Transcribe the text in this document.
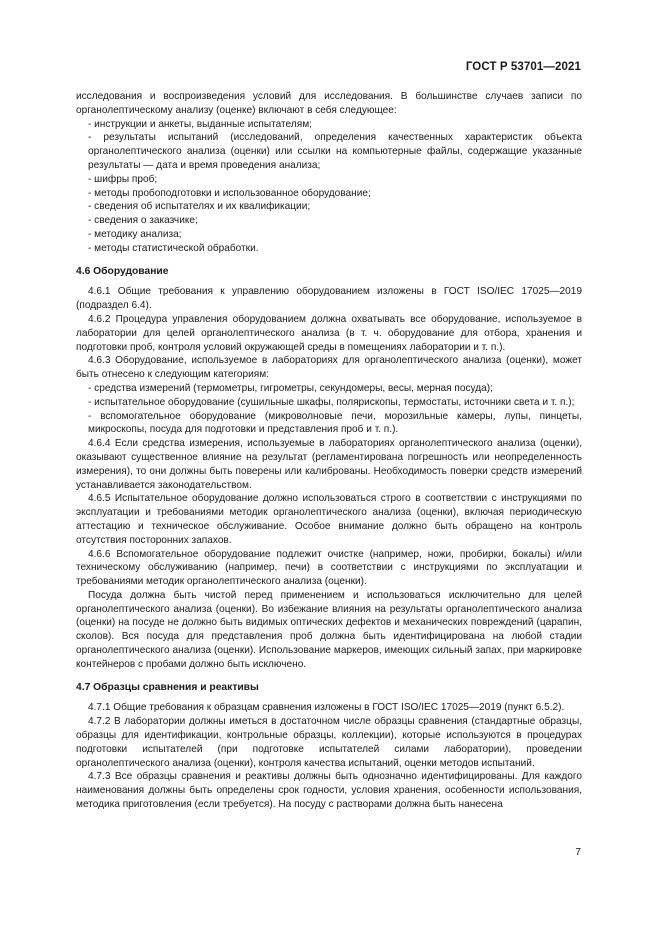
ГОСТ Р 53701—2021

исследования и воспроизведения условий для исследования. В большинстве случаев записи по органолептическому анализу (оценке) включают в себя следующее:

- инструкции и анкеты, выданные испытателям;

- результаты испытаний (исследований, определения качественных характеристик объекта органолептического анализа (оценки) или ссылки на компьютерные файлы, содержащие указанные результаты — дата и время проведения анализа;

- шифры проб;

- методы пробоподготовки и использованное оборудование;

- сведения об испытателях и их квалификации;

- сведения о заказчике;

- методику анализа;

- методы статистической обработки.

4.6 Оборудование

4.6.1 Общие требования к управлению оборудованием изложены в ГОСТ ISO/IEC 17025—2019 (подраздел 6.4).

4.6.2 Процедура управления оборудованием должна охватывать все оборудование, используемое в лаборатории для целей органолептического анализа (в т. ч. оборудование для отбора, хранения и подготовки проб, контроля условий окружающей среды в помещениях лаборатории и т. п.).

4.6.3 Оборудование, используемое в лабораториях для органолептического анализа (оценки), может быть отнесено к следующим категориям:

- средства измерений (термометры, гигрометры, секундомеры, весы, мерная посуда);

- испытательное оборудование (сушильные шкафы, поляриcкопы, термостаты, источники света и т. п.);

- вспомогательное оборудование (микроволновые печи, морозильные камеры, лупы, пинцеты, микроскопы, посуда для подготовки и представления проб и т. п.).

4.6.4 Если средства измерения, используемые в лабораториях органолептического анализа (оценки), оказывают существенное влияние на результат (регламентирована погрешность или неопределенность измерения), то они должны быть поверены или калиброваны. Необходимость поверки средств измерений устанавливается законодательством.

4.6.5 Испытательное оборудование должно использоваться строго в соответствии с инструкциями по эксплуатации и требованиями методик органолептического анализа (оценки), включая периодическую аттестацию и техническое обслуживание. Особое внимание должно быть обращено на контроль отсутствия посторонних запахов.

4.6.6 Вспомогательное оборудование подлежит очистке (например, ножи, пробирки, бокалы) и/или техническому обслуживанию (например, печи) в соответствии с инструкциями по эксплуатации и требованиями методик органолептического анализа (оценки).

Посуда должна быть чистой перед применением и использоваться исключительно для целей органолептического анализа (оценки). Во избежание влияния на результаты органолептического анализа (оценки) на посуде не должно быть видимых оптических дефектов и механических повреждений (царапин, сколов). Вся посуда для представления проб должна быть идентифицирована на любой стадии органолептического анализа (оценки). Использование маркеров, имеющих сильный запах, при маркировке контейнеров с пробами должно быть исключено.

4.7 Образцы сравнения и реактивы

4.7.1 Общие требования к образцам сравнения изложены в ГОСТ ISO/IEC 17025—2019 (пункт 6.5.2).

4.7.2 В лаборатории должны иметься в достаточном числе образцы сравнения (стандартные образцы, образцы для идентификации, контрольные образцы, коллекции), которые используются в процедурах подготовки испытателей (при подготовке испытателей силами лаборатории), проведении органолептического анализа (оценки), контроля качества испытаний, оценки методов испытаний.

4.7.3 Все образцы сравнения и реактивы должны быть однозначно идентифицированы. Для каждого наименования должны быть определены срок годности, условия хранения, особенности использования, методика приготовления (если требуется). На посуду с растворами должна быть нанесена

7
